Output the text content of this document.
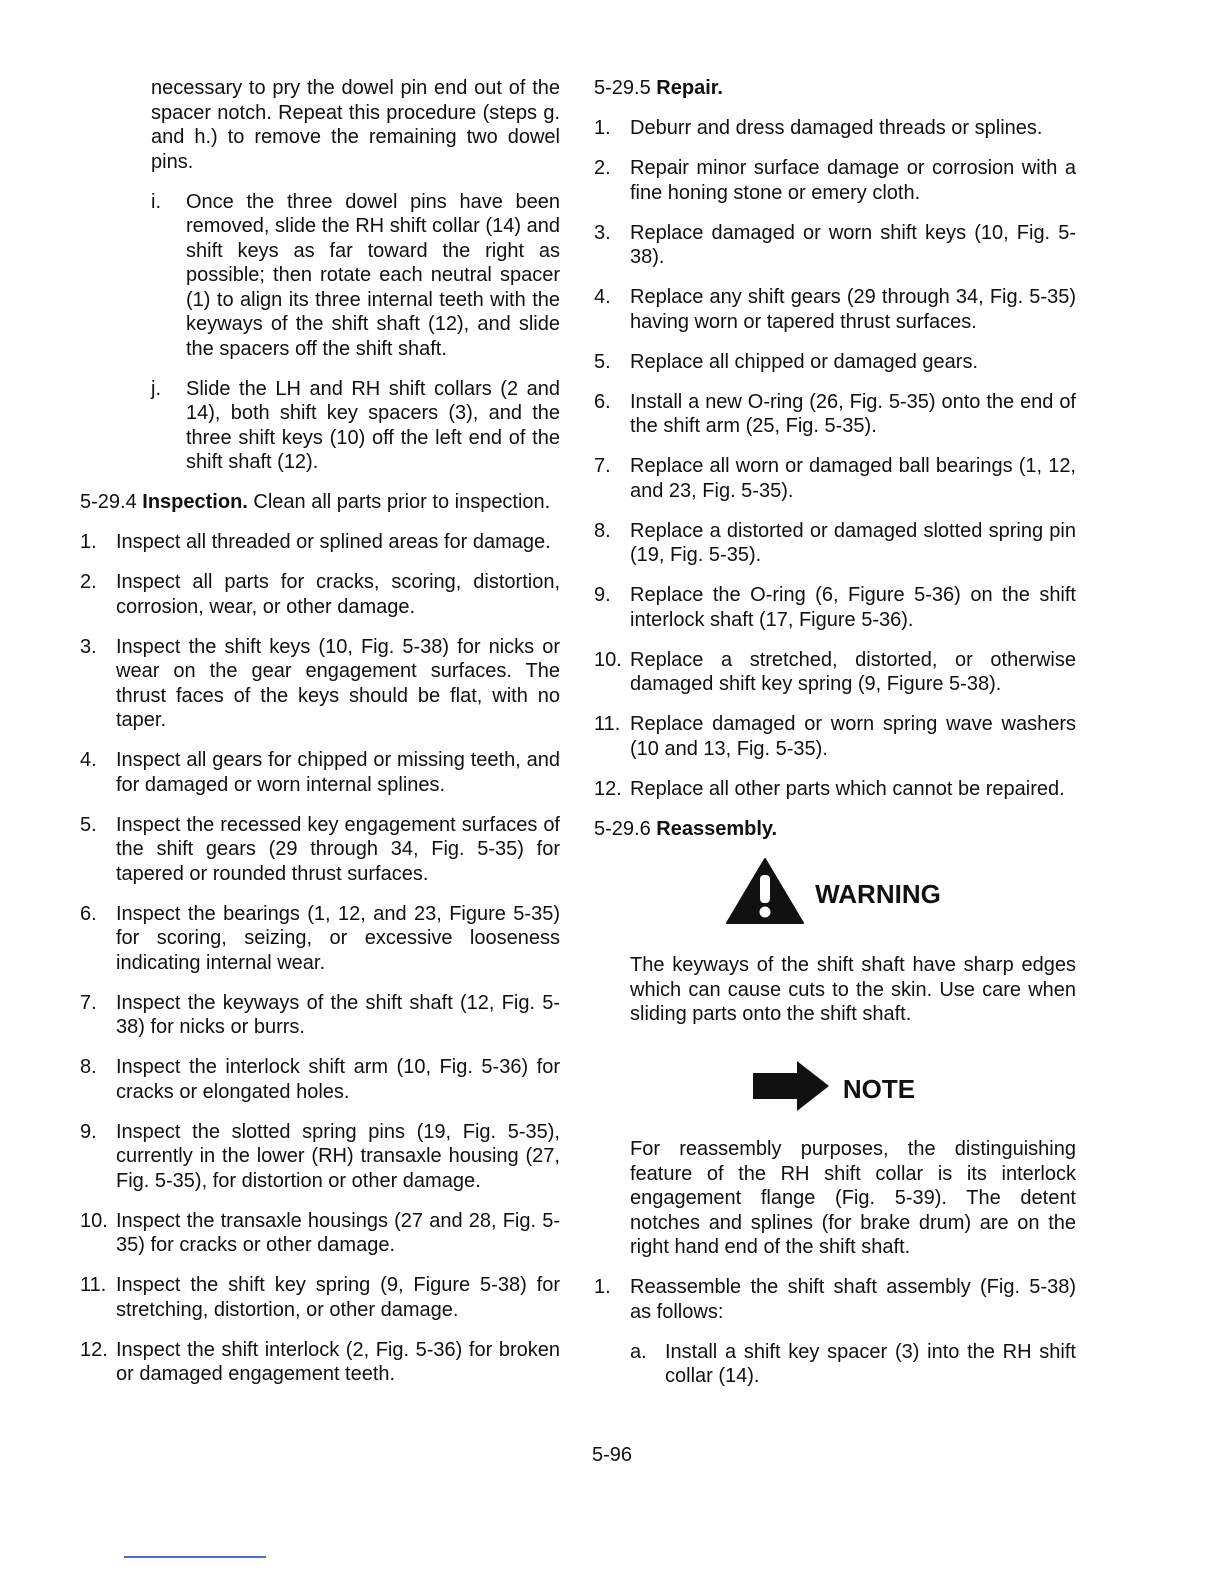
necessary to pry the dowel pin end out of the spacer notch. Repeat this procedure (steps g. and h.) to remove the remaining two dowel pins.
i.	Once the three dowel pins have been removed, slide the RH shift collar (14) and shift keys as far toward the right as possible; then rotate each neutral spacer (1) to align its three internal teeth with the keyways of the shift shaft (12), and slide the spacers off the shift shaft.
j.	Slide the LH and RH shift collars (2 and 14), both shift key spacers (3), and the three shift keys (10) off the left end of the shift shaft (12).
5-29.4 Inspection. Clean all parts prior to inspection.
1. Inspect all threaded or splined areas for damage.
2. Inspect all parts for cracks, scoring, distortion, corrosion, wear, or other damage.
3. Inspect the shift keys (10, Fig. 5-38) for nicks or wear on the gear engagement surfaces. The thrust faces of the keys should be flat, with no taper.
4. Inspect all gears for chipped or missing teeth, and for damaged or worn internal splines.
5. Inspect the recessed key engagement surfaces of the shift gears (29 through 34, Fig. 5-35) for tapered or rounded thrust surfaces.
6. Inspect the bearings (1, 12, and 23, Figure 5-35) for scoring, seizing, or excessive looseness indicating internal wear.
7. Inspect the keyways of the shift shaft (12, Fig. 5-38) for nicks or burrs.
8. Inspect the interlock shift arm (10, Fig. 5-36) for cracks or elongated holes.
9. Inspect the slotted spring pins (19, Fig. 5-35), currently in the lower (RH) transaxle housing (27, Fig. 5-35), for distortion or other damage.
10. Inspect the transaxle housings (27 and 28, Fig. 5-35) for cracks or other damage.
11. Inspect the shift key spring (9, Figure 5-38) for stretching, distortion, or other damage.
12. Inspect the shift interlock (2, Fig. 5-36) for broken or damaged engagement teeth.
5-29.5 Repair.
1. Deburr and dress damaged threads or splines.
2. Repair minor surface damage or corrosion with a fine honing stone or emery cloth.
3. Replace damaged or worn shift keys (10, Fig. 5-38).
4. Replace any shift gears (29 through 34, Fig. 5-35) having worn or tapered thrust surfaces.
5. Replace all chipped or damaged gears.
6. Install a new O-ring (26, Fig. 5-35) onto the end of the shift arm (25, Fig. 5-35).
7. Replace all worn or damaged ball bearings (1, 12, and 23, Fig. 5-35).
8. Replace a distorted or damaged slotted spring pin (19, Fig. 5-35).
9. Replace the O-ring (6, Figure 5-36) on the shift interlock shaft (17, Figure 5-36).
10. Replace a stretched, distorted, or otherwise damaged shift key spring (9, Figure 5-38).
11. Replace damaged or worn spring wave washers (10 and 13, Fig. 5-35).
12. Replace all other parts which cannot be repaired.
5-29.6 Reassembly.
WARNING
The keyways of the shift shaft have sharp edges which can cause cuts to the skin. Use care when sliding parts onto the shift shaft.
NOTE
For reassembly purposes, the distinguishing feature of the RH shift collar is its interlock engagement flange (Fig. 5-39). The detent notches and splines (for brake drum) are on the right hand end of the shift shaft.
1. Reassemble the shift shaft assembly (Fig. 5-38) as follows:
a. Install a shift key spacer (3) into the RH shift collar (14).
5-96
